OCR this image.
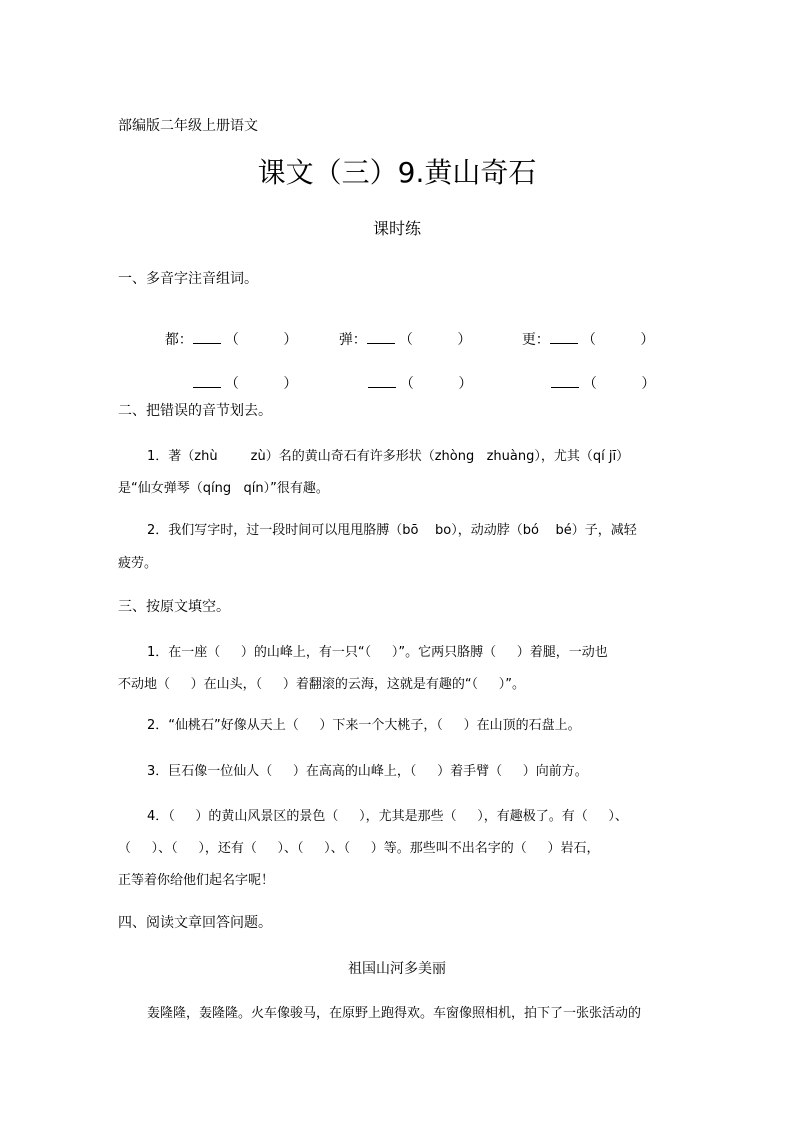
部编版二年级上册语文
课文（三）9.黄山奇石
课时练
一、多音字注音组词。

都： （          ）
	弹： （          ）
	更： （          ）

（          ）
	（          ）
	（          ）

二、把错误的音节划去。
1．著（zhù        zù）名的黄山奇石有许多形状（zhòng   zhuàng），尤其（qí jī）
是“仙女弹琴（qíng   qín）”很有趣。
2．我们写字时，过一段时间可以甩甩胳膊（bō    bo），动动脖（bó    bé）子，减轻
疲劳。
三、按原文填空。
1．在一座（     ）的山峰上，有一只“（     ）”。它两只胳膊（     ）着腿，一动也
不动地（     ）在山头，（     ）着翻滚的云海，这就是有趣的“（     ）”。
2．“仙桃石”好像从天上（     ）下来一个大桃子，（     ）在山顶的石盘上。
3．巨石像一位仙人（     ）在高高的山峰上，（     ）着手臂（     ）向前方。
4．（     ）的黄山风景区的景色（     ），尤其是那些（     ），有趣极了。有（     ）、
（     ）、（     ），还有（     ）、（     ）、（     ）等。那些叫不出名字的（     ）岩石，
正等着你给他们起名字呢！
四、阅读文章回答问题。
祖国山河多美丽
轰隆隆，轰隆隆。火车像骏马，在原野上跑得欢。车窗像照相机，拍下了一张张活动的
